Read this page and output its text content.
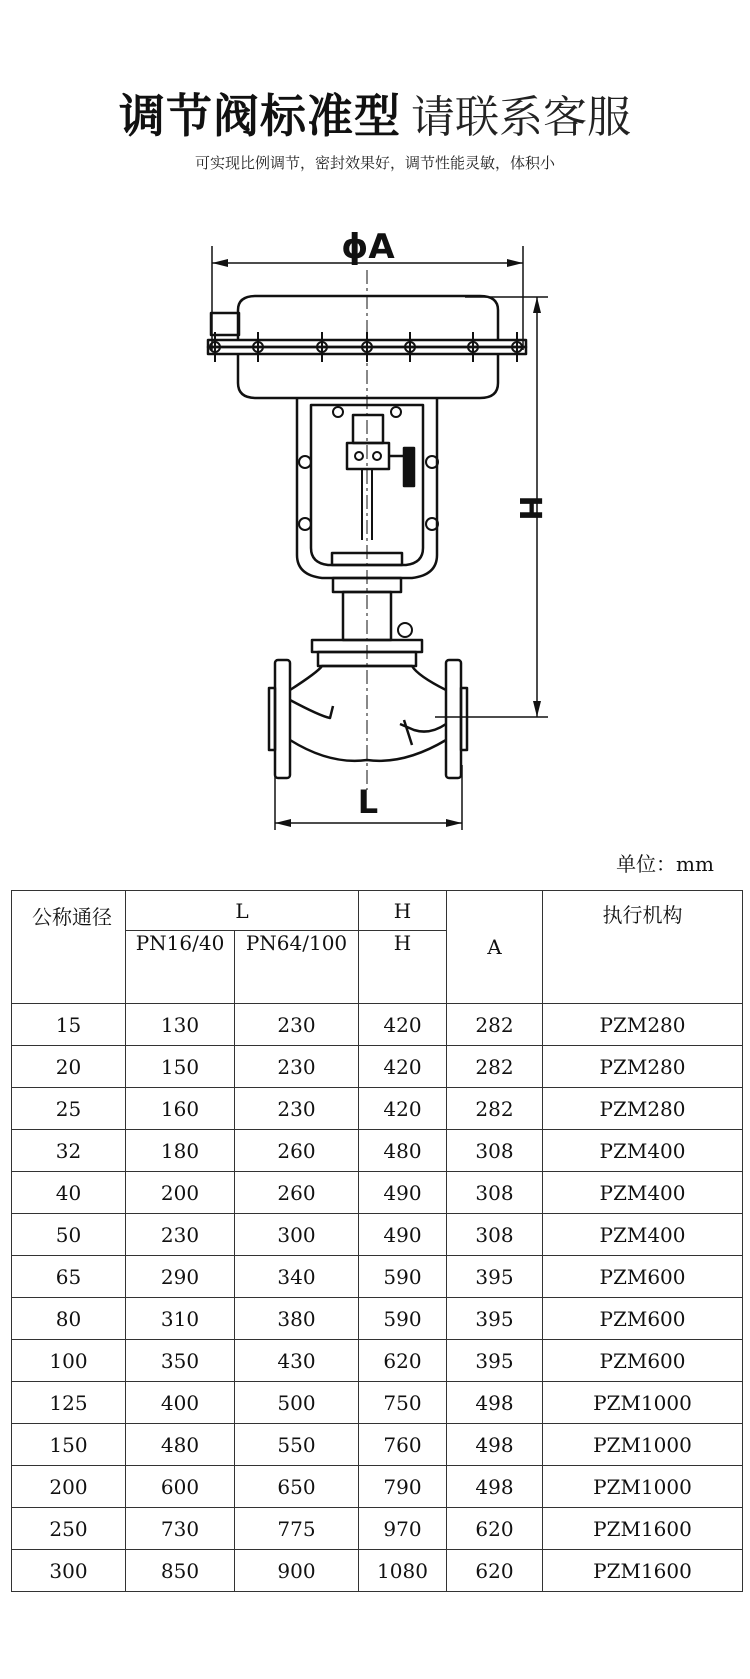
调节阀标准型 请联系客服
可实现比例调节，密封效果好，调节性能灵敏，体积小
ϕA
H
L
单位：mm
公称通径	L		H	A	执行机构
	PN16/40	PN64/100	H		
15	130	230	420	282	PZM280
20	150	230	420	282	PZM280
25	160	230	420	282	PZM280
32	180	260	480	308	PZM400
40	200	260	490	308	PZM400
50	230	300	490	308	PZM400
65	290	340	590	395	PZM600
80	310	380	590	395	PZM600
100	350	430	620	395	PZM600
125	400	500	750	498	PZM1000
150	480	550	760	498	PZM1000
200	600	650	790	498	PZM1000
250	730	775	970	620	PZM1600
300	850	900	1080	620	PZM1600
